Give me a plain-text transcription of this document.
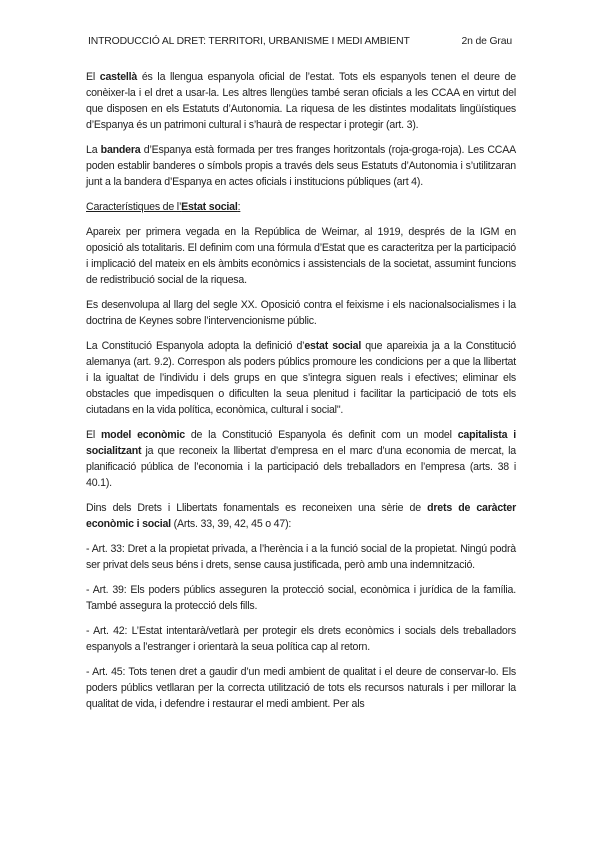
INTRODUCCIÓ AL DRET: TERRITORI, URBANISME I MEDI AMBIENT	2n de Grau

El castellà és la llengua espanyola oficial de l’estat. Tots els espanyols tenen el deure de conèixer-la i el dret a usar-la. Les altres llengües també seran oficials a les CCAA en virtut del que disposen en els Estatuts d’Autonomia. La riquesa de les distintes modalitats lingüístiques d’Espanya és un patrimoni cultural i s’haurà de respectar i protegir (art. 3).

La bandera d’Espanya està formada per tres franges horitzontals (roja-groga-roja). Les CCAA poden establir banderes o símbols propis a través dels seus Estatuts d’Autonomia i s’utilitzaran junt a la bandera d’Espanya en actes oficials i institucions públiques (art 4).

Característiques de l’Estat social:

Apareix per primera vegada en la República de Weimar, al 1919, després de la IGM en oposició als totalitaris. El definim com una fórmula d’Estat que es caracteritza per la participació i implicació del mateix en els àmbits econòmics i assistencials de la societat, assumint funcions de redistribució social de la riquesa.

Es desenvolupa al llarg del segle XX. Oposició contra el feixisme i els nacionalsocialismes i la doctrina de Keynes sobre l’intervencionisme públic.

La Constitució Espanyola adopta la definició d’estat social que apareixia ja a la Constitució alemanya (art. 9.2). Correspon als poders públics promoure les condicions per a que la llibertat i la igualtat de l’individu i dels grups en que s’integra siguen reals i efectives; eliminar els obstacles que impedisquen o dificulten la seua plenitud i facilitar la participació de tots els ciutadans en la vida política, econòmica, cultural i social".

El model econòmic de la Constitució Espanyola és definit com un model capitalista i socialitzant ja que reconeix la llibertat d’empresa en el marc d’una economia de mercat, la planificació pública de l’economia i la participació dels treballadors en l’empresa (arts. 38 i 40.1).

Dins dels Drets i Llibertats fonamentals es reconeixen una sèrie de drets de caràcter econòmic i social (Arts. 33, 39, 42, 45 o 47):

- Art. 33: Dret a la propietat privada, a l’herència i a la funció social de la propietat. Ningú podrà ser privat dels seus béns i drets, sense causa justificada, però amb una indemnització.

- Art. 39: Els poders públics asseguren la protecció social, econòmica i jurídica de la família. També assegura la protecció dels fills.

- Art. 42: L’Estat intentarà/vetlarà per protegir els drets econòmics i socials dels treballadors espanyols a l’estranger i orientarà la seua política cap al retorn.

- Art. 45: Tots tenen dret a gaudir d’un medi ambient de qualitat i el deure de conservar-lo. Els poders públics vetllaran per la correcta utilització de tots els recursos naturals i per millorar la qualitat de vida, i defendre i restaurar el medi ambient. Per als
